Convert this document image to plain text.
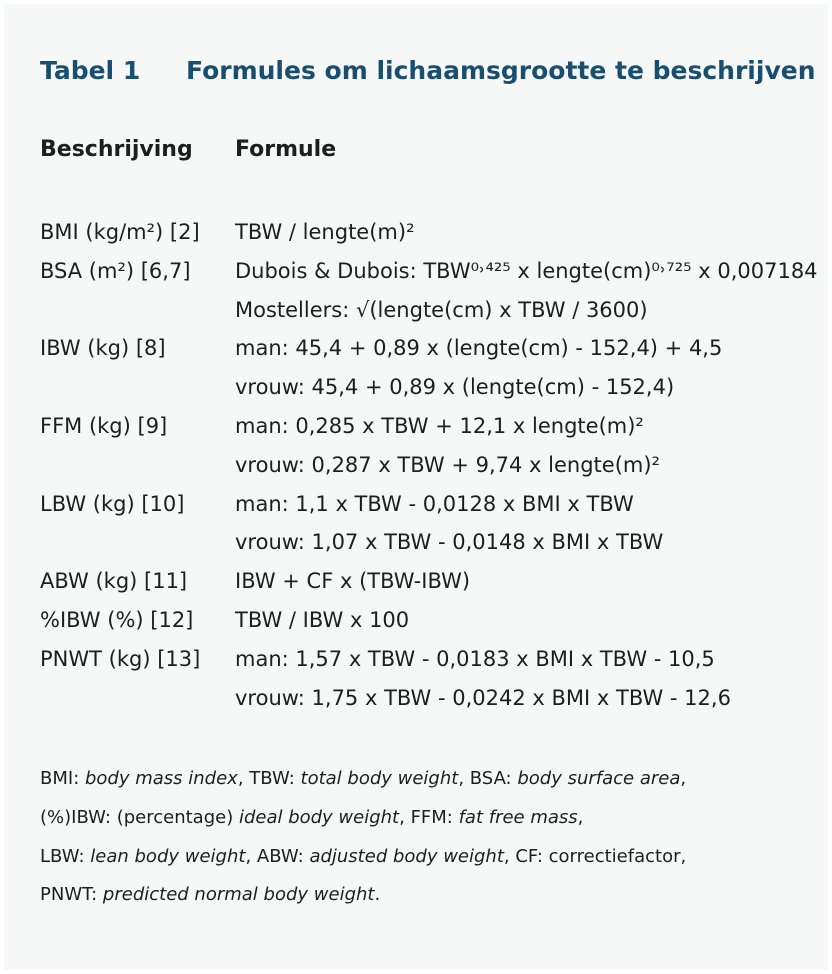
Tabel 1 Formules om lichaamsgrootte te beschrijven
Beschrijving Formule
BMI (kg/m²) [2] TBW / lengte(m)²
BSA (m²) [6,7] Dubois & Dubois: TBW⁰˒⁴²⁵ x lengte(cm)⁰˒⁷²⁵ x 0,007184
Mostellers: √(lengte(cm) x TBW / 3600)
IBW (kg) [8]	man: 45,4 + 0,89 x (lengte(cm) - 152,4) + 4,5
vrouw: 45,4 + 0,89 x (lengte(cm) - 152,4)
FFM (kg) [9]	man: 0,285 x TBW + 12,1 x lengte(m)²
vrouw: 0,287 x TBW + 9,74 x lengte(m)²
LBW (kg) [10] man: 1,1 x TBW - 0,0128 x BMI x TBW
vrouw: 1,07 x TBW - 0,0148 x BMI x TBW
ABW (kg) [11] IBW + CF x (TBW-IBW)
%IBW (%) [12] TBW / IBW x 100
PNWT (kg) [13] man: 1,57 x TBW - 0,0183 x BMI x TBW - 10,5
vrouw: 1,75 x TBW - 0,0242 x BMI x TBW - 12,6
BMI: body mass index, TBW: total body weight, BSA: body surface area,
(%)IBW: (percentage) ideal body weight, FFM: fat free mass,
LBW: lean body weight, ABW: adjusted body weight, CF: correctiefactor,
PNWT: predicted normal body weight.
